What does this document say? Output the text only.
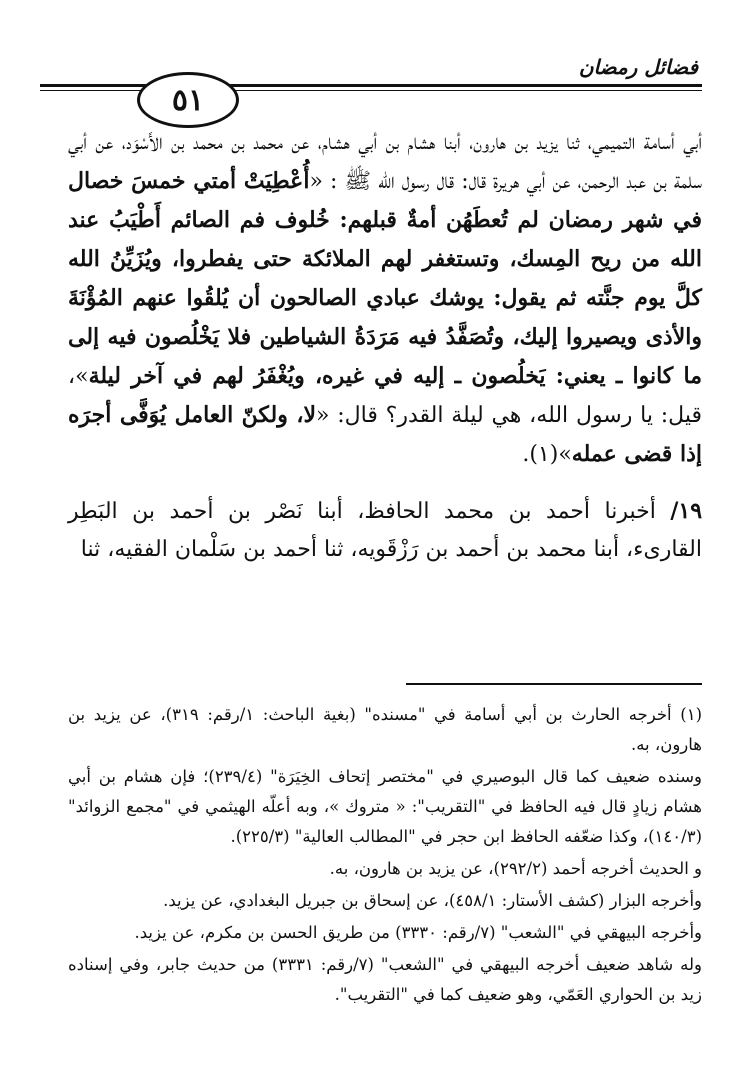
فضائل رمضان
٥١

أبي أسامة التميمي، ثنا يزيد بن هارون، أبنا هشام بن أبي هشام، عن محمد بن محمد بن الأَسْوَد، عن أبي سلمة بن عبد الرحمن، عن أبي هريرة قال: قال رسول الله ﷺ : «أُعْطِيَتْ أمتي خمسَ خصال في شهر رمضان لم تُعطَهُن أمةٌ قبلهم: خُلوف فم الصائم أَطْيَبُ عند الله من ريح المِسك، وتستغفر لهم الملائكة حتى يفطروا، ويُزَيِّنُ الله كلَّ يوم جنَّته ثم يقول: يوشك عبادي الصالحون أن يُلقُوا عنهم المُؤْنَةَ والأذى ويصيروا إليك، وتُصَفَّدُ فيه مَرَدَةُ الشياطين فلا يَخْلُصون فيه إلى ما كانوا ـ يعني: يَخلُصون ـ إليه في غيره، ويُغْفَرُ لهم في آخر ليلة»، قيل: يا رسول الله، هي ليلة القدر؟ قال: «لا، ولكنّ العامل يُوَفَّى أجرَه إذا قضى عمله»(١).

١٩/ أخبرنا أحمد بن محمد الحافظ، أبنا نَصْر بن أحمد بن البَطِر القارىء، أبنا محمد بن أحمد بن رَزْقَويه، ثنا أحمد بن سَلْمان الفقيه، ثنا

(١) أخرجه الحارث بن أبي أسامة في "مسنده" (بغية الباحث: ١/رقم: ٣١٩)، عن يزيد بن هارون، به.

وسنده ضعيف كما قال البوصيري في "مختصر إتحاف الخِيَرَة" (٢٣٩/٤)؛ فإن هشام بن أبي هشام زيادٍ قال فيه الحافظ في "التقريب": « متروك »، وبه أعلّه الهيثمي في "مجمع الزوائد" (١٤٠/٣)، وكذا ضعّفه الحافظ ابن حجر في "المطالب العالية" (٢٢٥/٣).

و الحديث أخرجه أحمد (٢٩٢/٢)، عن يزيد بن هارون، به.

وأخرجه البزار (كشف الأستار: ٤٥٨/١)، عن إسحاق بن جبريل البغدادي، عن يزيد.

وأخرجه البيهقي في "الشعب" (٧/رقم: ٣٣٣٠) من طريق الحسن بن مكرم، عن يزيد.

وله شاهد ضعيف أخرجه البيهقي في "الشعب" (٧/رقم: ٣٣٣١) من حديث جابر، وفي إسناده زيد بن الحواري العَمّي، وهو ضعيف كما في "التقريب".
